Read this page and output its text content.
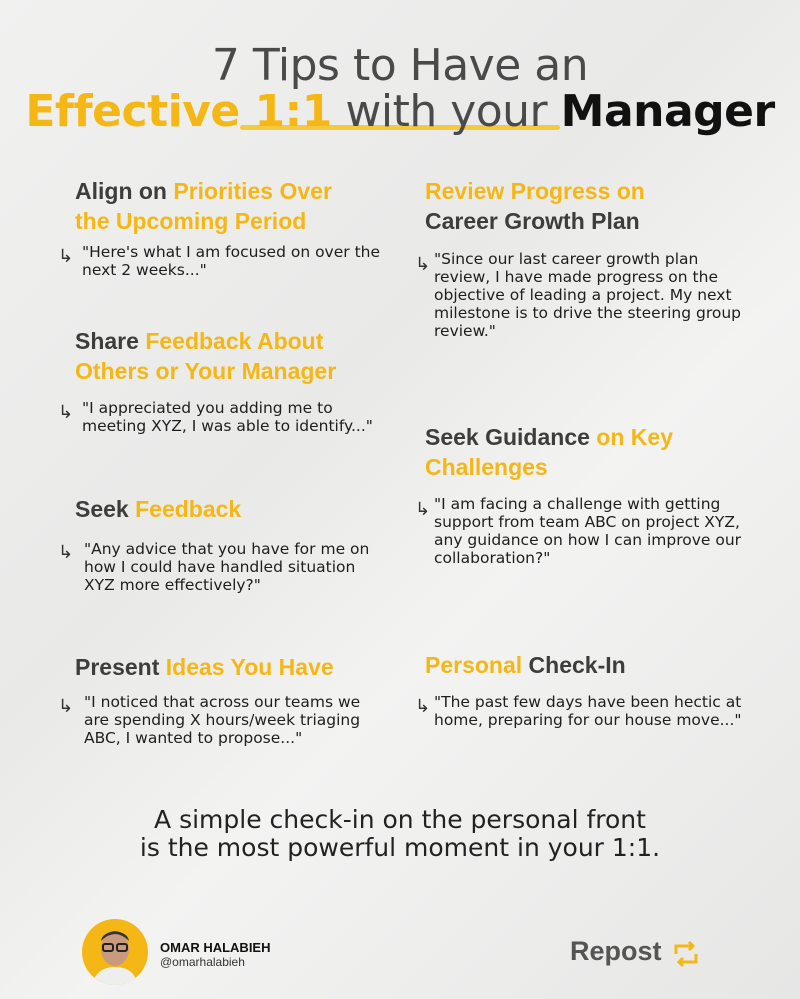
7 Tips to Have an
Effective 1:1 with your Manager
Align on Priorities Over
the Upcoming Period
↳ "Here's what I am focused on over the next 2 weeks..."
Share Feedback About
Others or Your Manager
↳ "I appreciated you adding me to meeting XYZ, I was able to identify..."
Seek Feedback
↳ "Any advice that you have for me on how I could have handled situation XYZ more effectively?"
Present Ideas You Have
↳ "I noticed that across our teams we are spending X hours/week triaging ABC, I wanted to propose..."
Review Progress on
Career Growth Plan
↳ "Since our last career growth plan review, I have made progress on the objective of leading a project. My next milestone is to drive the steering group review."
Seek Guidance on Key
Challenges
↳ "I am facing a challenge with getting support from team ABC on project XYZ, any guidance on how I can improve our collaboration?"
Personal Check-In
↳ "The past few days have been hectic at home, preparing for our house move..."
A simple check-in on the personal front
is the most powerful moment in your 1:1.
OMAR HALABIEH
@omarhalabieh	Repost
